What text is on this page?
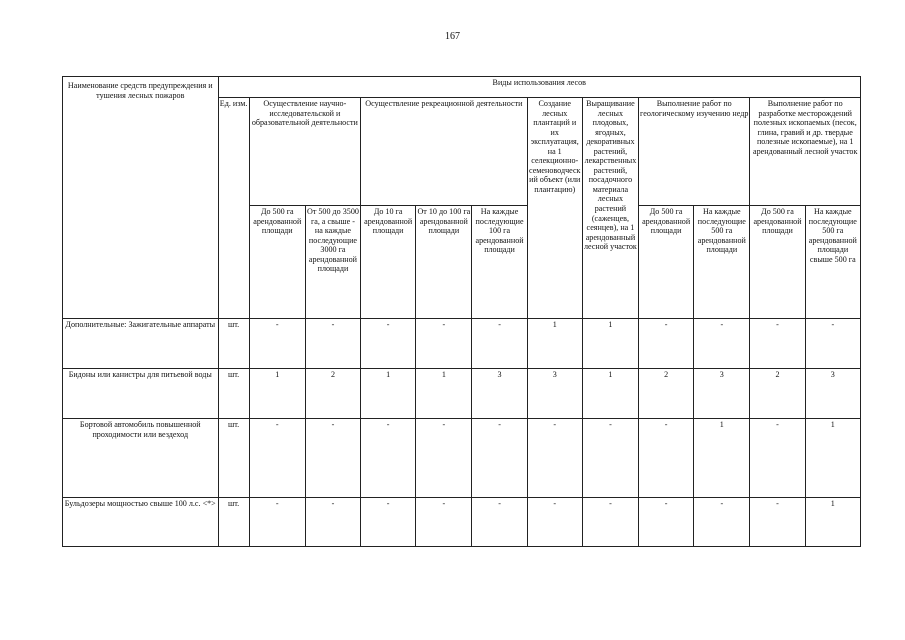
167
Наименование средств предупреждения и тушения лесных пожаров	Виды использования лесов											
	Ед. изм.	Осуществление научно-исследовательской и образовательной деятельности		Осуществление рекреационной деятельности			Создание лесных плантаций и их эксплуатация, на 1 селекционно-семеноводческий объект (или плантацию)	Выращивание лесных плодовых, ягодных, декоративных растений, лекарственных растений, посадочного материала лесных растений (саженцев, сеянцев), на 1 арендованный лесной участок	Выполнение работ по геологическому изучению недр		Выполнение работ по разработке месторождений полезных ископаемых (песок, глина, гравий и др. твердые полезные ископаемые), на 1 арендованный лесной участок	
		До 500 га арендованной площади	От 500 до 3500 га, а свыше - на каждые последующие 3000 га арендованной площади	До 10 га арендованной площади	От 10 до 100 га арендованной площади	На каждые последующие 100 га арендованной площади			До 500 га арендованной площади	На каждые последующие 500 га арендованной площади	До 500 га арендованной площади	На каждые последующие 500 га арендованной площади свыше 500 га
Дополнительные: Зажигательные аппараты	шт.	-	-	-	-	-	1	1	-	-	-	-
Бидоны или канистры для питьевой воды	шт.	1	2	1	1	3	3	1	2	3	2	3
Бортовой автомобиль повышенной проходимости или вездеход	шт.	-	-	-	-	-	-	-	-	1	-	1
Бульдозеры мощностью свыше 100 л.с. <*>	шт.	-	-	-	-	-	-	-	-	-	-	1
